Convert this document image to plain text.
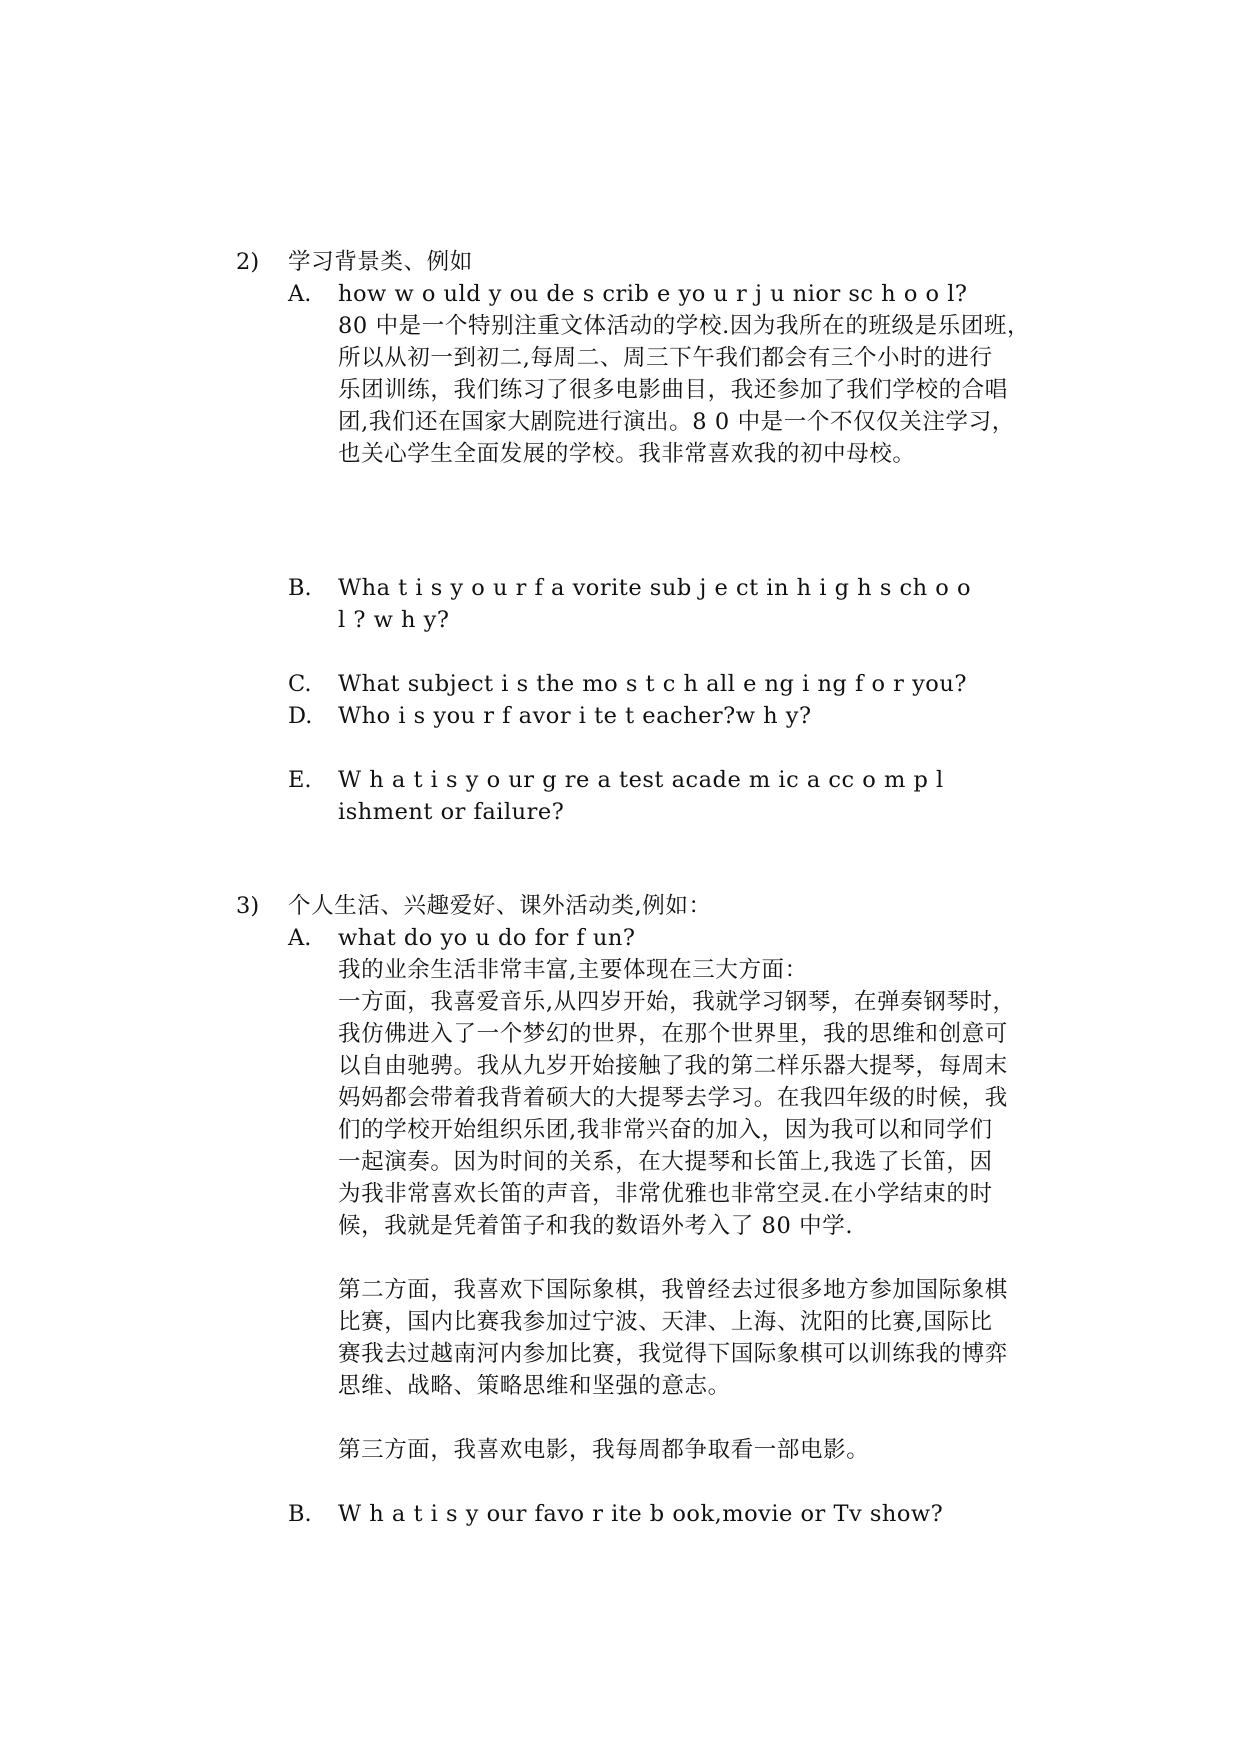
2) 学习背景类、例如
A. how w o uld y ou de s crib e yo u r j u nior sc h o o l?
80 中是一个特别注重文体活动的学校.因为我所在的班级是乐团班，
所以从初一到初二,每周二、周三下午我们都会有三个小时的进行
乐团训练，我们练习了很多电影曲目，我还参加了我们学校的合唱
团,我们还在国家大剧院进行演出。8 0 中是一个不仅仅关注学习，
也关心学生全面发展的学校。我非常喜欢我的初中母校。
B. Wha t i s y o u r f a vorite sub j e ct in h i g h s ch o o
l ? w h y?
C. What subject i s the mo s t c h all e ng i ng f o r you?
D. Who i s you r f avor i te t eacher?w h y?
E. W h a t i s y o ur g re a test acade m ic a cc o m p l
ishment or failure?
3) 个人生活、兴趣爱好、课外活动类,例如：
A. what do yo u do for f un?
我的业余生活非常丰富,主要体现在三大方面：
一方面，我喜爱音乐,从四岁开始，我就学习钢琴，在弹奏钢琴时，
我仿佛进入了一个梦幻的世界，在那个世界里，我的思维和创意可
以自由驰骋。我从九岁开始接触了我的第二样乐器大提琴，每周末
妈妈都会带着我背着硕大的大提琴去学习。在我四年级的时候，我
们的学校开始组织乐团,我非常兴奋的加入，因为我可以和同学们
一起演奏。因为时间的关系，在大提琴和长笛上,我选了长笛，因
为我非常喜欢长笛的声音，非常优雅也非常空灵.在小学结束的时
候，我就是凭着笛子和我的数语外考入了 80 中学.
第二方面，我喜欢下国际象棋，我曾经去过很多地方参加国际象棋
比赛，国内比赛我参加过宁波、天津、上海、沈阳的比赛,国际比
赛我去过越南河内参加比赛，我觉得下国际象棋可以训练我的博弈
思维、战略、策略思维和坚强的意志。
第三方面，我喜欢电影，我每周都争取看一部电影。
B. W h a t i s y our favo r ite b ook,movie or Tv show?
